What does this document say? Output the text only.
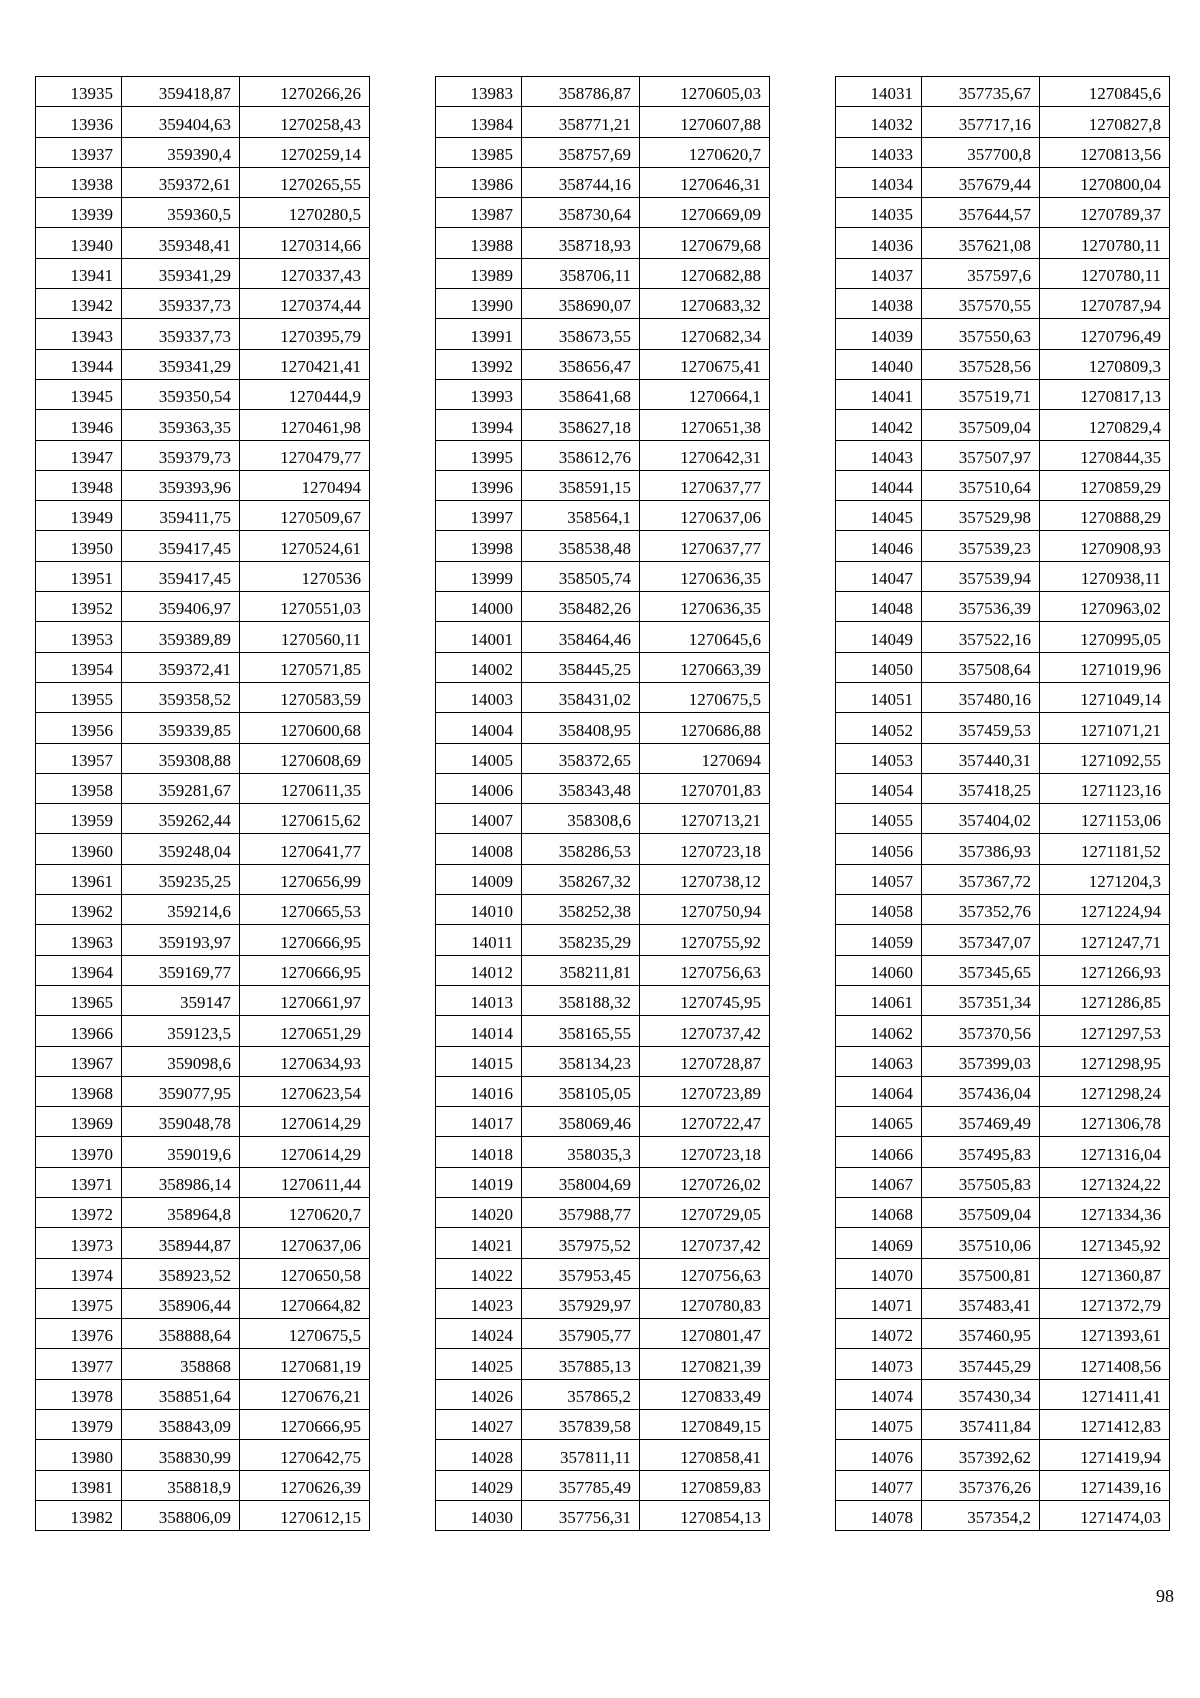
13935	359418,87	1270266,26
13936	359404,63	1270258,43
13937	359390,4	1270259,14
13938	359372,61	1270265,55
13939	359360,5	1270280,5
13940	359348,41	1270314,66
13941	359341,29	1270337,43
13942	359337,73	1270374,44
13943	359337,73	1270395,79
13944	359341,29	1270421,41
13945	359350,54	1270444,9
13946	359363,35	1270461,98
13947	359379,73	1270479,77
13948	359393,96	1270494
13949	359411,75	1270509,67
13950	359417,45	1270524,61
13951	359417,45	1270536
13952	359406,97	1270551,03
13953	359389,89	1270560,11
13954	359372,41	1270571,85
13955	359358,52	1270583,59
13956	359339,85	1270600,68
13957	359308,88	1270608,69
13958	359281,67	1270611,35
13959	359262,44	1270615,62
13960	359248,04	1270641,77
13961	359235,25	1270656,99
13962	359214,6	1270665,53
13963	359193,97	1270666,95
13964	359169,77	1270666,95
13965	359147	1270661,97
13966	359123,5	1270651,29
13967	359098,6	1270634,93
13968	359077,95	1270623,54
13969	359048,78	1270614,29
13970	359019,6	1270614,29
13971	358986,14	1270611,44
13972	358964,8	1270620,7
13973	358944,87	1270637,06
13974	358923,52	1270650,58
13975	358906,44	1270664,82
13976	358888,64	1270675,5
13977	358868	1270681,19
13978	358851,64	1270676,21
13979	358843,09	1270666,95
13980	358830,99	1270642,75
13981	358818,9	1270626,39
13982	358806,09	1270612,15
13983	358786,87	1270605,03
13984	358771,21	1270607,88
13985	358757,69	1270620,7
13986	358744,16	1270646,31
13987	358730,64	1270669,09
13988	358718,93	1270679,68
13989	358706,11	1270682,88
13990	358690,07	1270683,32
13991	358673,55	1270682,34
13992	358656,47	1270675,41
13993	358641,68	1270664,1
13994	358627,18	1270651,38
13995	358612,76	1270642,31
13996	358591,15	1270637,77
13997	358564,1	1270637,06
13998	358538,48	1270637,77
13999	358505,74	1270636,35
14000	358482,26	1270636,35
14001	358464,46	1270645,6
14002	358445,25	1270663,39
14003	358431,02	1270675,5
14004	358408,95	1270686,88
14005	358372,65	1270694
14006	358343,48	1270701,83
14007	358308,6	1270713,21
14008	358286,53	1270723,18
14009	358267,32	1270738,12
14010	358252,38	1270750,94
14011	358235,29	1270755,92
14012	358211,81	1270756,63
14013	358188,32	1270745,95
14014	358165,55	1270737,42
14015	358134,23	1270728,87
14016	358105,05	1270723,89
14017	358069,46	1270722,47
14018	358035,3	1270723,18
14019	358004,69	1270726,02
14020	357988,77	1270729,05
14021	357975,52	1270737,42
14022	357953,45	1270756,63
14023	357929,97	1270780,83
14024	357905,77	1270801,47
14025	357885,13	1270821,39
14026	357865,2	1270833,49
14027	357839,58	1270849,15
14028	357811,11	1270858,41
14029	357785,49	1270859,83
14030	357756,31	1270854,13
14031	357735,67	1270845,6
14032	357717,16	1270827,8
14033	357700,8	1270813,56
14034	357679,44	1270800,04
14035	357644,57	1270789,37
14036	357621,08	1270780,11
14037	357597,6	1270780,11
14038	357570,55	1270787,94
14039	357550,63	1270796,49
14040	357528,56	1270809,3
14041	357519,71	1270817,13
14042	357509,04	1270829,4
14043	357507,97	1270844,35
14044	357510,64	1270859,29
14045	357529,98	1270888,29
14046	357539,23	1270908,93
14047	357539,94	1270938,11
14048	357536,39	1270963,02
14049	357522,16	1270995,05
14050	357508,64	1271019,96
14051	357480,16	1271049,14
14052	357459,53	1271071,21
14053	357440,31	1271092,55
14054	357418,25	1271123,16
14055	357404,02	1271153,06
14056	357386,93	1271181,52
14057	357367,72	1271204,3
14058	357352,76	1271224,94
14059	357347,07	1271247,71
14060	357345,65	1271266,93
14061	357351,34	1271286,85
14062	357370,56	1271297,53
14063	357399,03	1271298,95
14064	357436,04	1271298,24
14065	357469,49	1271306,78
14066	357495,83	1271316,04
14067	357505,83	1271324,22
14068	357509,04	1271334,36
14069	357510,06	1271345,92
14070	357500,81	1271360,87
14071	357483,41	1271372,79
14072	357460,95	1271393,61
14073	357445,29	1271408,56
14074	357430,34	1271411,41
14075	357411,84	1271412,83
14076	357392,62	1271419,94
14077	357376,26	1271439,16
14078	357354,2	1271474,03
98
